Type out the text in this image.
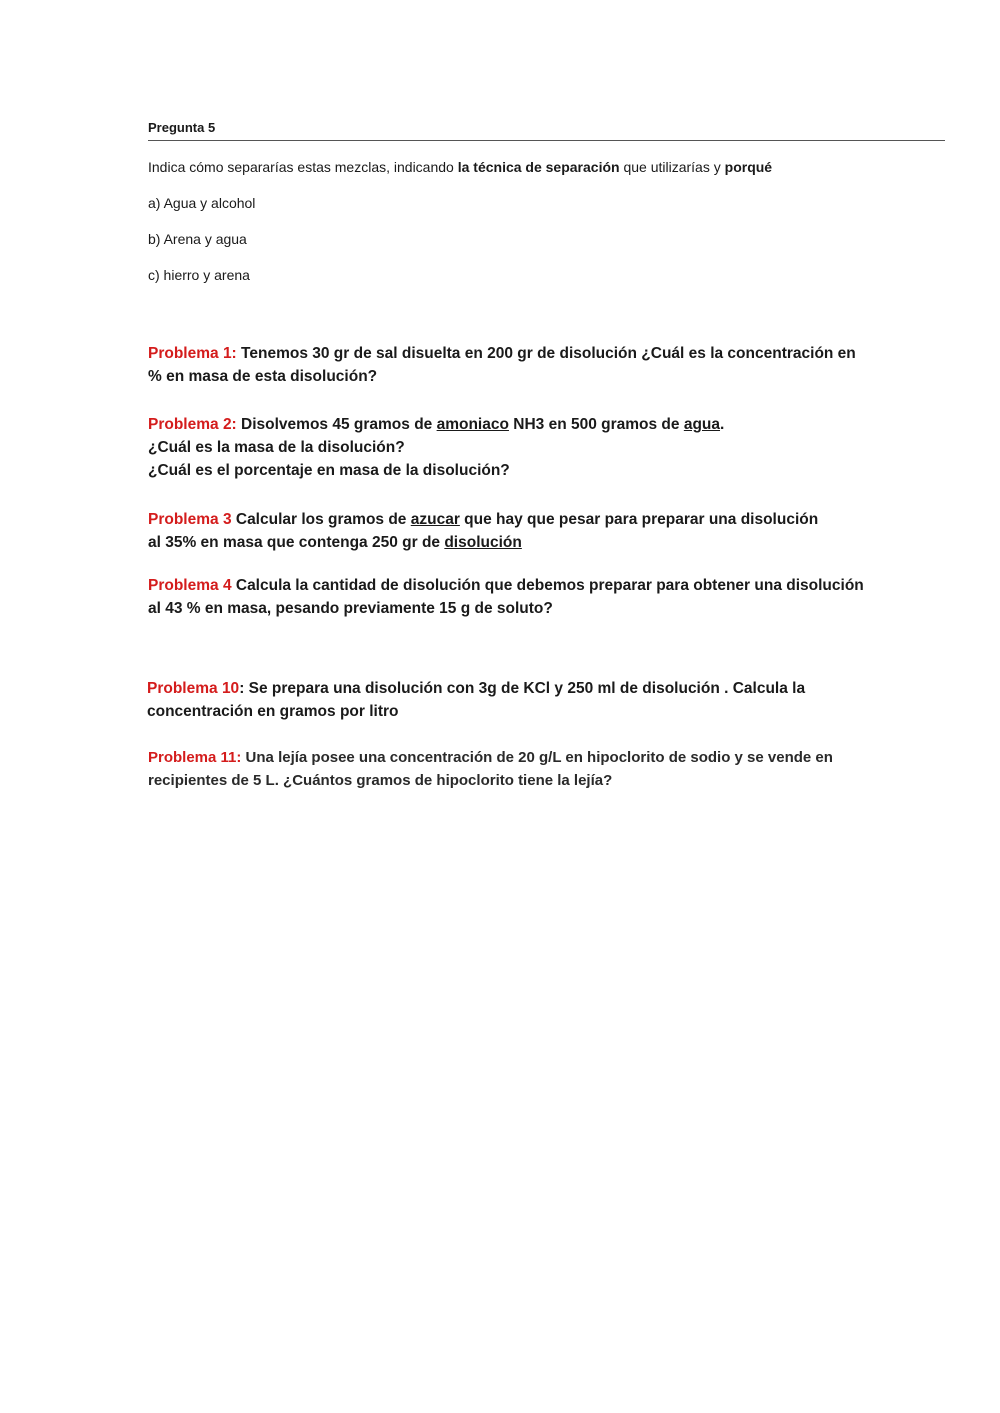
Pregunta 5
Indica cómo separarías estas mezclas, indicando la técnica de separación que utilizarías y porqué
a) Agua y alcohol
b) Arena y agua
c) hierro y arena
Problema 1: Tenemos 30 gr de sal disuelta en 200 gr de disolución ¿Cuál es la concentración en % en masa de esta disolución?
Problema 2: Disolvemos 45 gramos de amoniaco NH3 en 500 gramos de agua.
¿Cuál es la masa de la disolución?
¿Cuál es el porcentaje en masa de la disolución?
Problema 3 Calcular los gramos de azucar que hay que pesar para preparar una disolución al 35% en masa que contenga 250 gr de disolución
Problema 4 Calcula la cantidad de disolución que debemos preparar para obtener una disolución al 43 % en masa, pesando previamente 15 g de soluto?
Problema 10: Se prepara una disolución con 3g de KCl y 250 ml de disolución . Calcula la concentración en gramos por litro
Problema 11: Una lejía posee una concentración de 20 g/L en hipoclorito de sodio y se vende en recipientes de 5 L. ¿Cuántos gramos de hipoclorito tiene la lejía?
